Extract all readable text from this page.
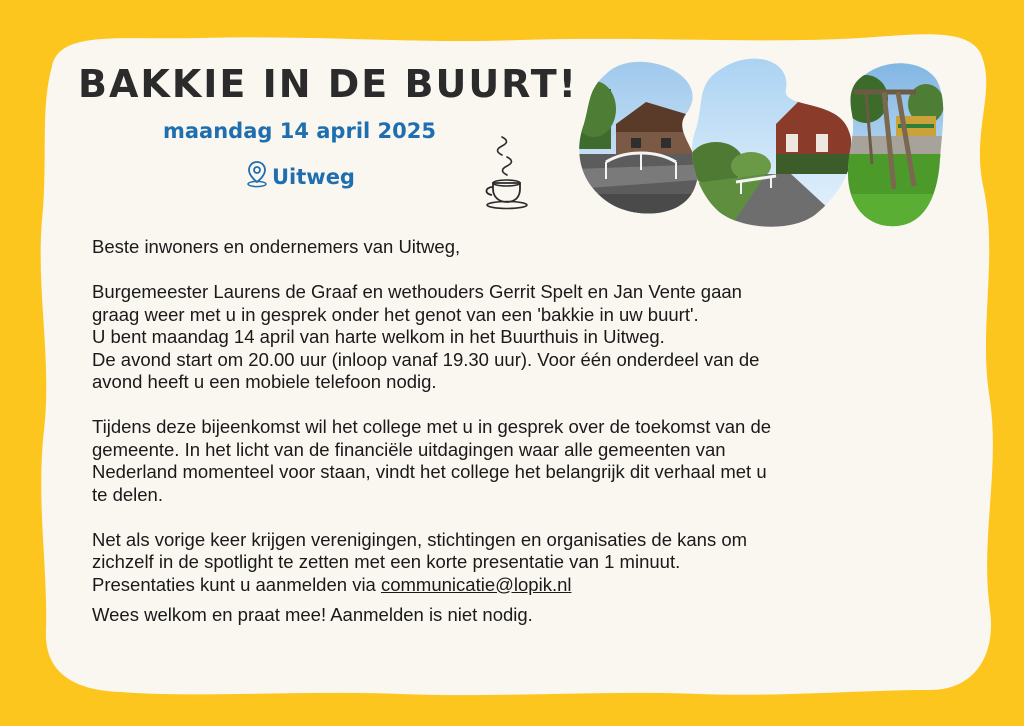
BAKKIE IN DE BUURT!
maandag 14 april 2025
Uitweg

Beste inwoners en ondernemers van Uitweg,

Burgemeester Laurens de Graaf en wethouders Gerrit Spelt en Jan Vente gaan
graag weer met u in gesprek onder het genot van een 'bakkie in uw buurt'.
U bent maandag 14 april van harte welkom in het Buurthuis in Uitweg.
De avond start om 20.00 uur (inloop vanaf 19.30 uur). Voor één onderdeel van de
avond heeft u een mobiele telefoon nodig.

Tijdens deze bijeenkomst wil het college met u in gesprek over de toekomst van de
gemeente. In het licht van de financiële uitdagingen waar alle gemeenten van
Nederland momenteel voor staan, vindt het college het belangrijk dit verhaal met u
te delen.

Net als vorige keer krijgen verenigingen, stichtingen en organisaties de kans om
zichzelf in de spotlight te zetten met een korte presentatie van 1 minuut.
Presentaties kunt u aanmelden via communicatie@lopik.nl

Wees welkom en praat mee! Aanmelden is niet nodig.
